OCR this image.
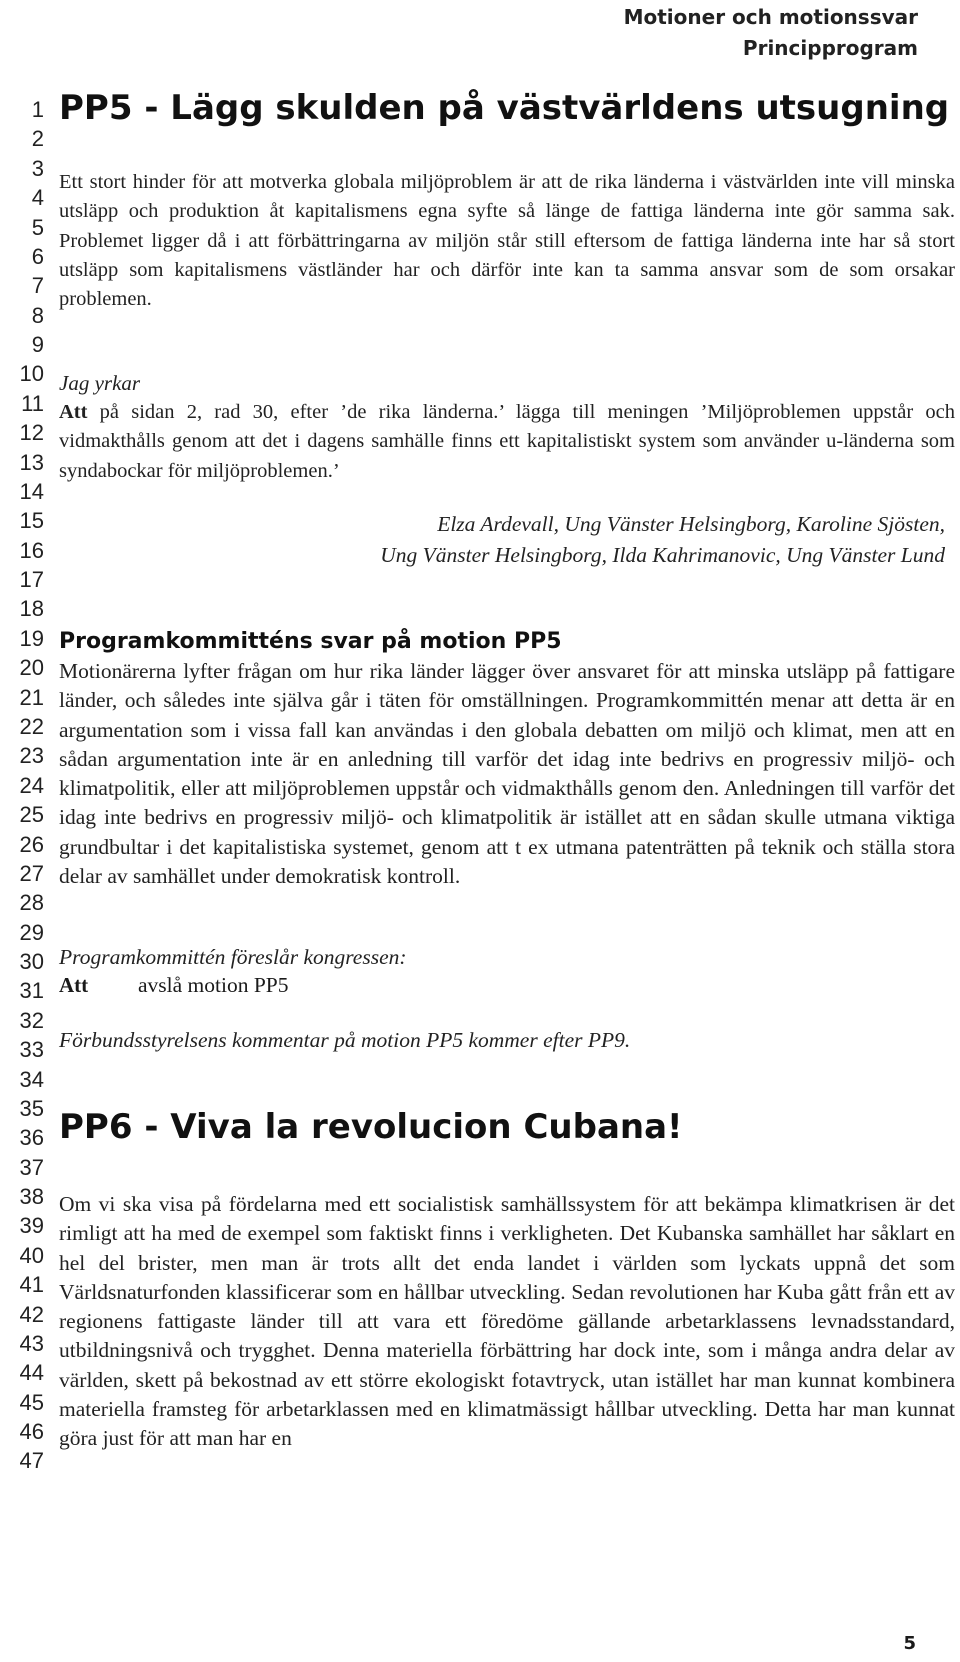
Motioner och motionssvar
Principprogram
1
2
3
4
5
6
7
8
9
10
11
12
13
14
15
16
17
18
19
20
21
22
23
24
25
26
27
28
29
30
31
32
33
34
35
36
37
38
39
40
41
42
43
44
45
46
47
PP5 - Lägg skulden på västvärldens utsugning
Ett stort hinder för att motverka globala miljöproblem är att de rika länderna i västvärlden inte vill minska utsläpp och produktion åt kapitalismens egna syfte så länge de fattiga länderna inte gör samma sak. Problemet ligger då i att förbättringarna av miljön står still eftersom de fattiga länderna inte har så stort utsläpp som kapitalismens västländer har och därför inte kan ta samma ansvar som de som orsakar problemen.
Jag yrkar
Att på sidan 2, rad 30, efter ’de rika länderna.’ lägga till meningen ’Miljöproblemen uppstår och vidmakthålls genom att det i dagens samhälle finns ett kapitalistiskt system som använder u-länderna som syndabockar för miljöproblemen.’
Elza Ardevall, Ung Vänster Helsingborg, Karoline Sjösten,
Ung Vänster Helsingborg, Ilda Kahrimanovic, Ung Vänster Lund
Programkommitténs svar på motion PP5
Motionärerna lyfter frågan om hur rika länder lägger över ansvaret för att minska utsläpp på fattigare länder, och således inte själva går i täten för omställningen. Programkommittén menar att detta är en argumentation som i vissa fall kan användas i den globala debatten om miljö och klimat, men att en sådan argumentation inte är en anledning till varför det idag inte bedrivs en progressiv miljö- och klimatpolitik, eller att miljöproblemen uppstår och vidmakthålls genom den. Anledningen till varför det idag inte bedrivs en progressiv miljö- och klimatpolitik är istället att en sådan skulle utmana viktiga grundbultar i det kapitalistiska systemet, genom att t ex utmana patenträtten på teknik och ställa stora delar av samhället under demokratisk kontroll.
Programkommittén föreslår kongressen:
Att avslå motion PP5
Förbundsstyrelsens kommentar på motion PP5 kommer efter PP9.
PP6 - Viva la revolucion Cubana!
Om vi ska visa på fördelarna med ett socialistisk samhällssystem för att bekämpa klimatkrisen är det rimligt att ha med de exempel som faktiskt finns i verkligheten. Det Kubanska samhället har såklart en hel del brister, men man är trots allt det enda landet i världen som lyckats uppnå det som Världsnaturfonden klassificerar som en hållbar utveckling. Sedan revolutionen har Kuba gått från ett av regionens fattigaste länder till att vara ett föredöme gällande arbetarklassens levnadsstandard, utbildningsnivå och trygghet. Denna materiella förbättring har dock inte, som i många andra delar av världen, skett på bekostnad av ett större ekologiskt fotavtryck, utan istället har man kunnat kombinera materiella framsteg för arbetarklassen med en klimatmässigt hållbar utveckling. Detta har man kunnat göra just för att man har en
5
